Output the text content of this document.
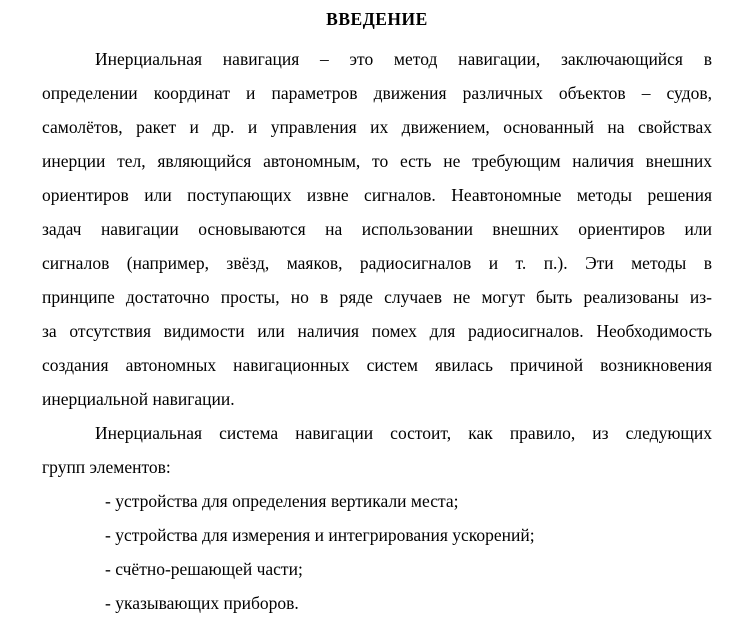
ВВЕДЕНИЕ
Инерциальная навигация – это метод навигации, заключающийся в
определении координат и параметров движения различных объектов – судов,
самолётов, ракет и др. и управления их движением, основанный на свойствах
инерции тел, являющийся автономным, то есть не требующим наличия внешних
ориентиров или поступающих извне сигналов. Неавтономные методы решения
задач навигации основываются на использовании внешних ориентиров или
сигналов (например, звёзд, маяков, радиосигналов и т. п.). Эти методы в
принципе достаточно просты, но в ряде случаев не могут быть реализованы из-
за отсутствия видимости или наличия помех для радиосигналов. Необходимость
создания автономных навигационных систем явилась причиной возникновения
инерциальной навигации.
Инерциальная система навигации состоит, как правило, из следующих
групп элементов:
- устройства для определения вертикали места;
- устройства для измерения и интегрирования ускорений;
- счётно-решающей части;
- указывающих приборов.
